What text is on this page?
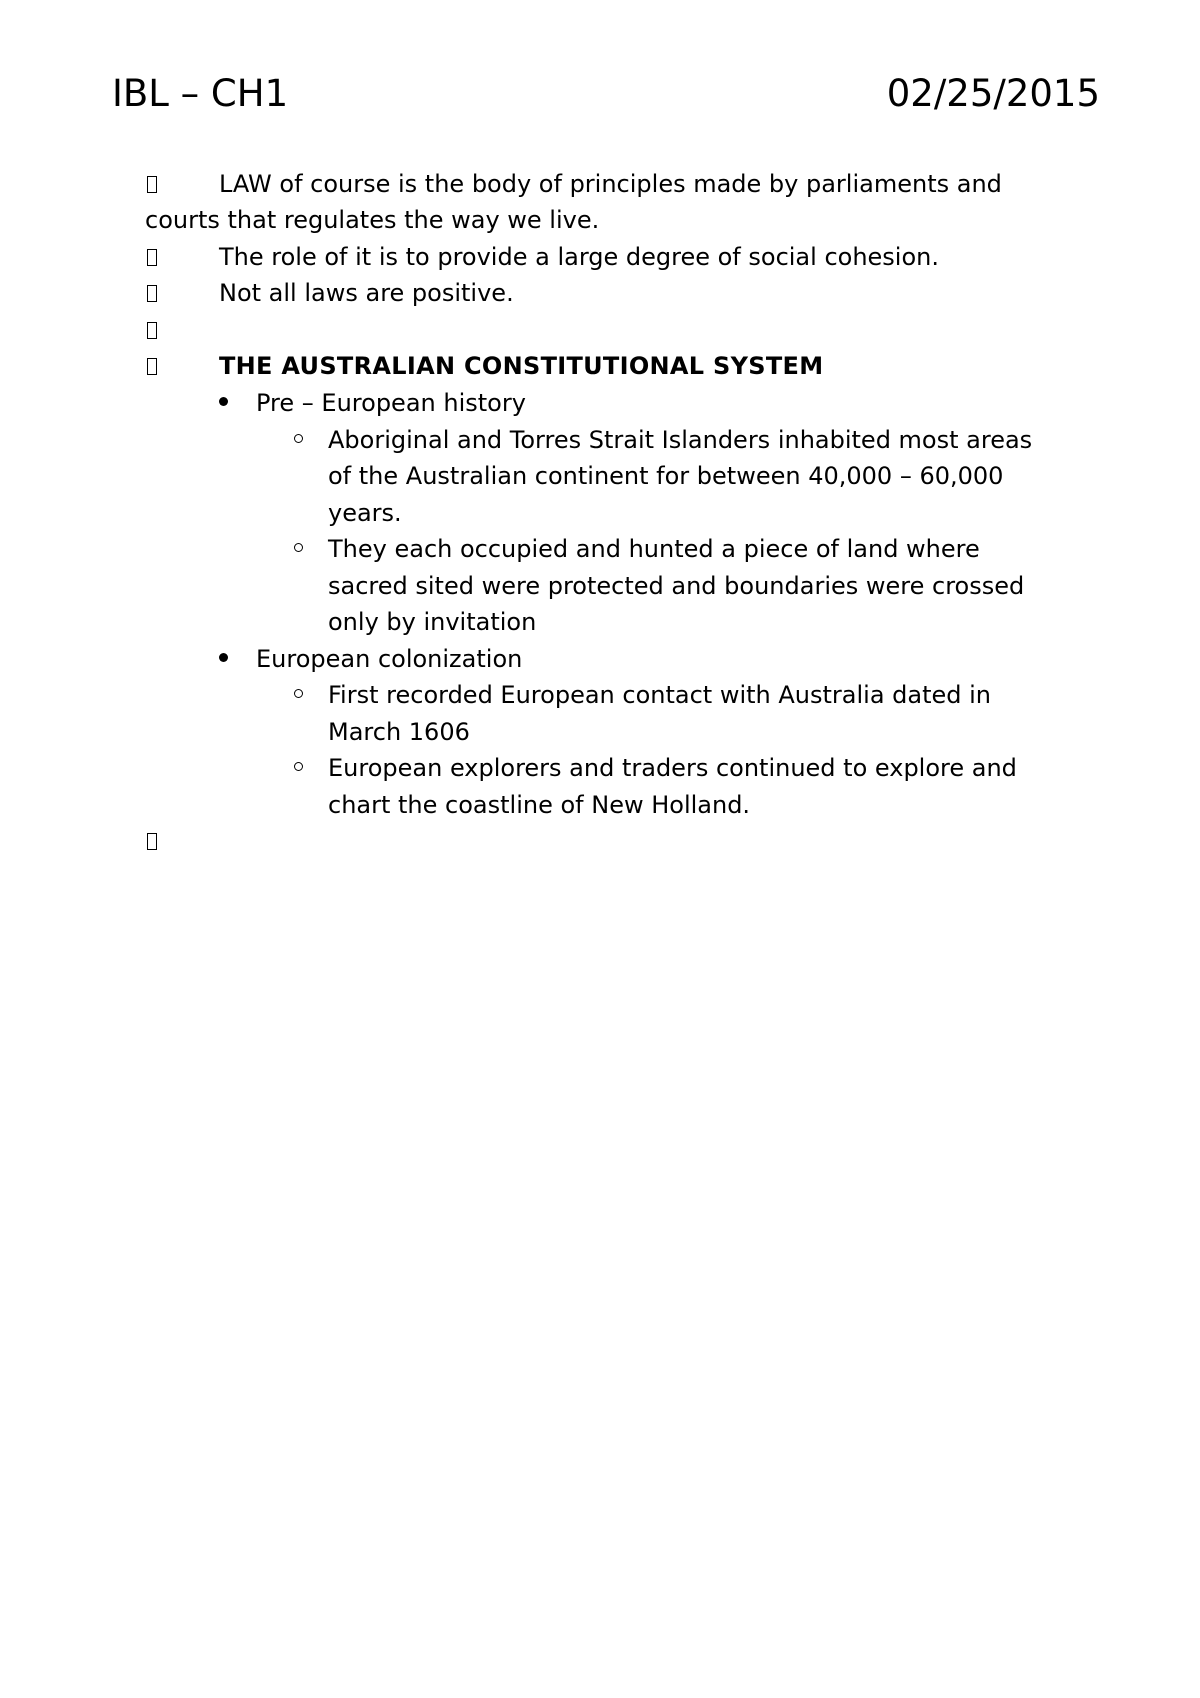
IBL – CH1	02/25/2015
LAW of course is the body of principles made by parliaments and
courts that regulates the way we live.
The role of it is to provide a large degree of social cohesion.
Not all laws are positive.
THE AUSTRALIAN CONSTITUTIONAL SYSTEM
Pre – European history
Aboriginal and Torres Strait Islanders inhabited most areas
of the Australian continent for between 40,000 – 60,000
years.
They each occupied and hunted a piece of land where
sacred sited were protected and boundaries were crossed
only by invitation
European colonization
First recorded European contact with Australia dated in
March 1606
European explorers and traders continued to explore and
chart the coastline of New Holland.
